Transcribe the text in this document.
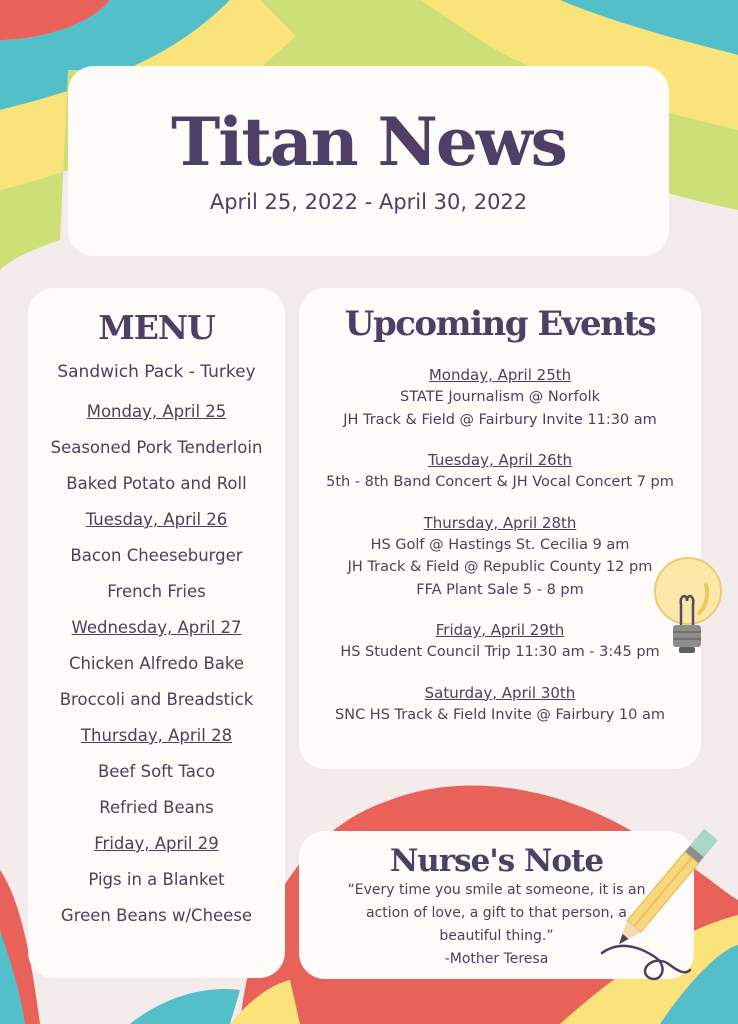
Titan News
April 25, 2022 - April 30, 2022
MENU
Sandwich Pack - Turkey
Monday, April 25
Seasoned Pork Tenderloin
Baked Potato and Roll
Tuesday, April 26
Bacon Cheeseburger
French Fries
Wednesday, April 27
Chicken Alfredo Bake
Broccoli and Breadstick
Thursday, April 28
Beef Soft Taco
Refried Beans
Friday, April 29
Pigs in a Blanket
Green Beans w/Cheese
Upcoming Events
Monday, April 25th
STATE Journalism @ Norfolk
JH Track & Field @ Fairbury Invite 11:30 am
Tuesday, April 26th
5th - 8th Band Concert & JH Vocal Concert 7 pm
Thursday, April 28th
HS Golf @ Hastings St. Cecilia 9 am
JH Track & Field @ Republic County 12 pm
FFA Plant Sale 5 - 8 pm
Friday, April 29th
HS Student Council Trip 11:30 am - 3:45 pm
Saturday, April 30th
SNC HS Track & Field Invite @ Fairbury 10 am
Nurse's Note
“Every time you smile at someone, it is an action of love, a gift to that person, a beautiful thing.”
-Mother Teresa
